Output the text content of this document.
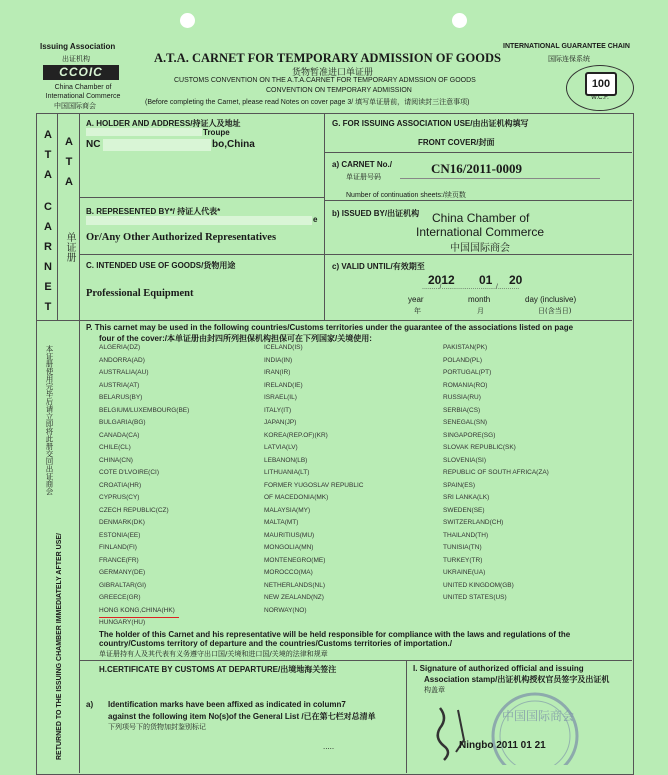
Issuing Association
出证机构
CCOIC
China Chamber of International Commerce
中国国际商会
A.T.A. CARNET FOR TEMPORARY ADMISSION OF GOODS
货物暂准进口单证册
CUSTOMS CONVENTION ON THE A.T.A.CARNET FOR TEMPORARY ADMSSION OF GOODS
CONVENTION ON TEMPORARY ADMISSION
(Before completing the Carnet, please read Notes on cover page 3/ 填写单证册前，请阅读封三注意事项)
INTERNATIONAL GUARANTEE CHAIN
国际连保系统
100
W.C.F.
A
T
A
C
A
R
N
E
T
A
T
A
单证册
本证册使用完毕后请立即将此册交回出证商会
RETURNED TO THE ISSUING CHAMBER IMMEDIATELY AFTER USE/
A. HOLDER AND ADDRESS/持证人及地址
Troupe
NC	bo,China
B. REPRESENTED BY*/ 持证人代表*
e
Or/Any Other Authorized Representatives
C. INTENDED USE OF GOODS/货物用途
Professional Equipment
G. FOR ISSUING ASSOCIATION USE/由出证机构填写
FRONT COVER/封面
a) CARNET No./
单证册号码
CN16/2011-0009
Number of continuation sheets:/续页数
b) ISSUED BY/出证机构 China Chamber of
International Commerce
中国国际商会
c) VALID UNTIL/有效期至
2012 01 20
........./............................/...........
year	month	day (inclusive)
年	月	日(含当日)
P. This carnet may be used in the following countries/Customs territories under the guarantee of the associations listed on page
four of the cover:/本单证册由封四所列担保机构担保可在下列国家/关境使用:
ALGERIA(DZ)
ANDORRA(AD)
AUSTRALIA(AU)
AUSTRIA(AT)
BELARUS(BY)
BELGIUM/LUXEMBOURG(BE)
BULGARIA(BG)
CANADA(CA)
CHILE(CL)
CHINA(CN)
COTE D'LVOIRE(CI)
CROATIA(HR)
CYPRUS(CY)
CZECH REPUBLIC(CZ)
DENMARK(DK)
ESTONIA(EE)
FINLAND(FI)
FRANCE(FR)
GERMANY(DE)
GIBRALTAR(GI)
GREECE(GR)
HONG KONG,CHINA(HK)
HUNGARY(HU)
ICELAND(IS)
INDIA(IN)
IRAN(IR)
IRELAND(IE)
ISRAEL(IL)
ITALY(IT)
JAPAN(JP)
KOREA(REP.OF)(KR)
LATVIA(LV)
LEBANON(LB)
LITHUANIA(LT)
FORMER YUGOSLAV REPUBLIC
OF MACEDONIA(MK)
MALAYSIA(MY)
MALTA(MT)
MAURITIUS(MU)
MONGOLIA(MN)
MONTENEGRO(ME)
MOROCCO(MA)
NETHERLANDS(NL)
NEW ZEALAND(NZ)
NORWAY(NO)
PAKISTAN(PK)
POLAND(PL)
PORTUGAL(PT)
ROMANIA(RO)
RUSSIA(RU)
SERBIA(CS)
SENEGAL(SN)
SINGAPORE(SG)
SLOVAK REPUBLIC(SK)
SLOVENIA(SI)
REPUBLIC OF SOUTH AFRICA(ZA)
SPAIN(ES)
SRI LANKA(LK)
SWEDEN(SE)
SWITZERLAND(CH)
THAILAND(TH)
TUNISIA(TN)
TURKEY(TR)
UKRAINE(UA)
UNITED KINGDOM(GB)
UNITED STATES(US)
The holder of this Carnet and his representative will be held responsible for compliance with the laws and regulations of the
country/Customs territory of departure and the countries/Customs territories of importation./
单证册持有人及其代表有义务遵守出口国/关境和进口国/关境的法律和规章
H.CERTIFICATE BY CUSTOMS AT DEPARTURE/出境地海关签注
a) Identification marks have been affixed as indicated in column7
against the following item No(s)of the General List /已在第七栏对总清单
下列项号下的货物加封鉴别标记
.....
I. Signature of authorized official and issuing
Association stamp/出证机构授权官员签字及出证机
构盖章
中国国际商会
Ningbo 2011 01 21
